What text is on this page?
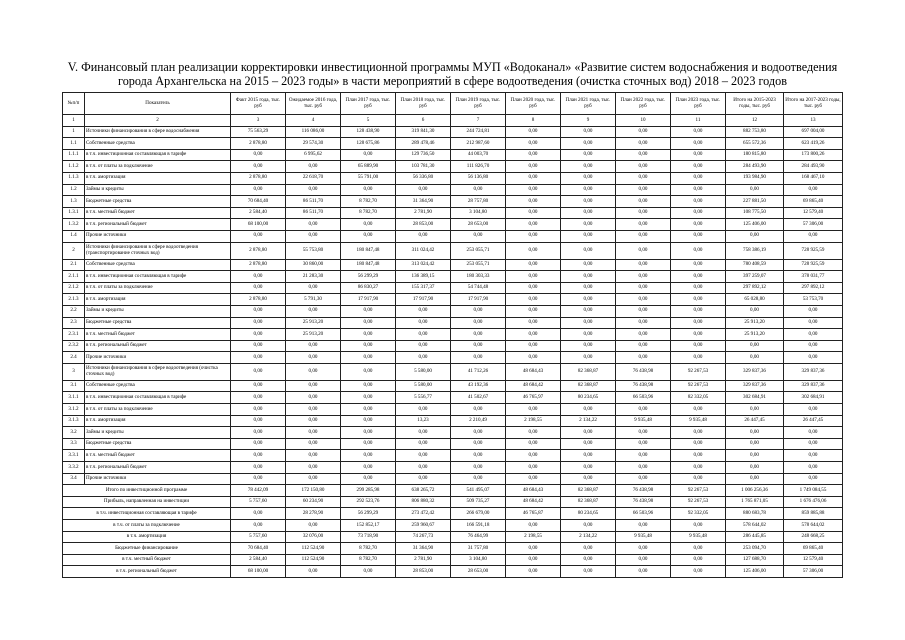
V. Финансовый план реализации корректировки инвестиционной программы МУП «Водоканал» «Развитие систем водоснабжения и водоотведения
города Архангельска на 2015 – 2023 годы» в части мероприятий в сфере водоотведения (очистка сточных вод) 2018 – 2023 годов
№п/п	Показатель	Факт 2015 года, тыс. руб	Ожидаемое 2016 года, тыс. руб	План 2017 года, тыс. руб	План 2018 года, тыс. руб	План 2019 года, тыс. руб	План 2020 года, тыс. руб	План 2021 года, тыс. руб	План 2022 года, тыс. руб	План 2023 года, тыс. руб	Итого на 2015-2023 годы, тыс. руб	Итого на 2017-2023 годы, тыс. руб
1	2	3	4	5	6	7	8	9	10	11	12	13
1	Источники финансирования в сфере водоснабжения	75 563,29	116 086,00	128 438,90	319 841,30	244 724,81	0,00	0,00	0,00	0,00	882 753,80	697 004,00
1.1	Собственные средства	2 878,80	29 574,30	128 675,86	289 478,46	212 987,60	0,00	0,00	0,00	0,00	655 572,36	623 419,26
1.1.1	в т.ч. инвестиционная составляющая в тарифе	0,00	6 995,62	0,00	129 736,50	44 003,70	0,00	0,00	0,00	0,00	180 815,80	173 800,26
1.1.2	в т.ч. от платы за подключение	0,00	0,00	65 889,90	103 781,30	111 826,70	0,00	0,00	0,00	0,00	284 493,90	284 493,90
1.1.3	в т.ч. амортизация	2 878,80	22 618,70	55 791,00	56 336,80	56 136,80	0,00	0,00	0,00	0,00	193 984,90	168 467,10
1.2	Займы и кредиты	0,00	0,00	0,00	0,00	0,00	0,00	0,00	0,00	0,00	0,00	0,00
1.3	Бюджетные средства	70 684,40	86 511,70	8 782,70	31 364,90	28 757,80	0,00	0,00	0,00	0,00	227 881,50	69 865,40
1.3.1	в т.ч. местный бюджет	2 584,40	86 511,70	8 782,70	2 781,90	3 104,80	0,00	0,00	0,00	0,00	108 775,50	12 579,40
1.3.2	в т.ч. региональный бюджет	68 100,00	0,00	0,00	28 853,00	28 653,00	0,00	0,00	0,00	0,00	125 406,00	57 306,00
1.4	Прочие источники	0,00	0,00	0,00	0,00	0,00	0,00	0,00	0,00	0,00	0,00	0,00
2	Источники финансирования в сфере водоотведения (транспортирование сточных вод)	2 878,80	55 753,80	180 847,48	311 024,42	253 055,71	0,00	0,00	0,00	0,00	758 386,19	728 925,59
2.1	Собственные средства	2 878,80	30 860,00	180 847,48	313 024,42	253 055,71	0,00	0,00	0,00	0,00	780 408,59	728 925,59
2.1.1	в т.ч. инвестиционная составляющая в тарифе	0,00	21 283,30	56 299,29	136 389,15	180 303,33	0,00	0,00	0,00	0,00	397 259,07	378 031,77
2.1.2	в т.ч. от платы за подключение	0,00	0,00	86 830,27	155 317,37	54 744,48	0,00	0,00	0,00	0,00	297 892,12	297 892,12
2.1.3	в т.ч. амортизация	2 878,80	5 791,30	17 917,90	17 917,90	17 917,90	0,00	0,00	0,00	0,00	65 028,80	53 753,70
2.2	Займы и кредиты	0,00	0,00	0,00	0,00	0,00	0,00	0,00	0,00	0,00	0,00	0,00
2.3	Бюджетные средства	0,00	25 913,20	0,00	0,00	0,00	0,00	0,00	0,00	0,00	25 913,20	0,00
2.3.1	в т.ч. местный бюджет	0,00	25 913,20	0,00	0,00	0,00	0,00	0,00	0,00	0,00	25 913,20	0,00
2.3.2	в т.ч. региональный бюджет	0,00	0,00	0,00	0,00	0,00	0,00	0,00	0,00	0,00	0,00	0,00
2.4	Прочие источники	0,00	0,00	0,00	0,00	0,00	0,00	0,00	0,00	0,00	0,00	0,00
3	Источники финансирования в сфере водоотведения (очистка сточных вод)	0,00	0,00	0,00	5 580,00	41 712,26	48 684,43	82 368,87	76 438,98	92 267,53	329 837,36	329 837,36
3.1	Собственные средства	0,00	0,00	0,00	5 580,00	43 192,36	48 684,42	82 368,87	76 438,98	92 267,53	329 837,36	329 837,36
3.1.1	в т.ч. инвестиционная составляющая в тарифе	0,00	0,00	0,00	5 556,77	41 502,67	46 765,97	80 234,65	66 503,96	82 332,05	302 684,91	302 684,91
3.1.2	в т.ч. от платы за подключение	0,00	0,00	0,00	0,00	0,00	0,00	0,00	0,00	0,00	0,00	0,00
3.1.3	в т.ч. амортизация	0,00	0,00	0,00	13,23	2 210,49	2 198,55	2 134,22	9 935,48	9 935,48	26 447,45	26 447,45
3.2	Займы и кредиты	0,00	0,00	0,00	0,00	0,00	0,00	0,00	0,00	0,00	0,00	0,00
3.3	Бюджетные средства	0,00	0,00	0,00	0,00	0,00	0,00	0,00	0,00	0,00	0,00	0,00
3.3.1	в т.ч. местный бюджет	0,00	0,00	0,00	0,00	0,00	0,00	0,00	0,00	0,00	0,00	0,00
3.3.2	в т.ч. региональный бюджет	0,00	0,00	0,00	0,00	0,00	0,00	0,00	0,00	0,00	0,00	0,00
3.4	Прочие источники	0,00	0,00	0,00	0,00	0,00	0,00	0,00	0,00	0,00	0,00	0,00
Итого по инвестиционной программе		78 442,09	172 150,80	299 285,98	638 265,72	541 495,07	48 684,43	82 368,87	76 438,98	92 267,53	1 006 256,36	1 749 084,55
Прибыль, направленная на инвестиции		5 757,60	60 234,90	292 523,76	806 880,32	509 735,27	48 684,42	82 368,87	76 438,98	92 267,53	1 765 871,05	1 676 476,06
в т.ч. инвестиционная составляющая в тарифе		0,00	28 278,90	56 299,29	273 472,42	266 679,00	46 765,87	80 234,65	66 503,96	92 332,05	880 683,78	859 885,88
в т.ч. от платы за подключение		0,00	0,00	152 852,17	259 960,67	166 591,18	0,00	0,00	0,00	0,00	578 644,02	578 644,02
в т.ч. амортизация		5 757,60	32 076,00	73 718,90	74 267,73	76 464,99	2 198,55	2 134,22	9 935,48	9 935,48	286 445,85	248 668,25
Бюджетные финансирование		70 684,40	112 524,90	8 782,70	31 364,90	31 757,80	0,00	0,00	0,00	0,00	253 094,70	69 865,40
в т.ч. местный бюджет		2 584,40	112 524,90	8 782,70	2 781,90	3 104,80	0,00	0,00	0,00	0,00	127 688,70	12 579,40
в т.ч. региональный бюджет		68 100,00	0,00	0,00	28 853,00	28 653,00	0,00	0,00	0,00	0,00	125 406,00	57 306,00
